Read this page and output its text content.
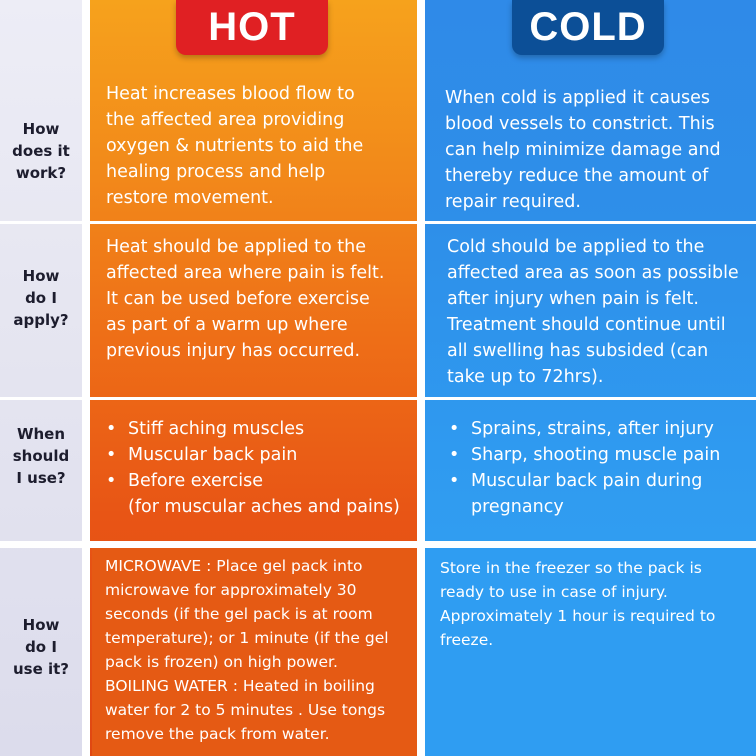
HOT	COLD
How
does it
work?
Heat increases blood flow to
the affected area providing
oxygen & nutrients to aid the
healing process and help
restore movement.
When cold is applied it causes
blood vessels to constrict. This
can help minimize damage and
thereby reduce the amount of
repair required.
How
do I
apply?
Heat should be applied to the
affected area where pain is felt.
It can be used before exercise
as part of a warm up where
previous injury has occurred.
Cold should be applied to the
affected area as soon as possible
after injury when pain is felt.
Treatment should continue until
all swelling has subsided (can
take up to 72hrs).
When
should
I use?
• Stiff aching muscles
• Muscular back pain
• Before exercise
(for muscular aches and pains)
• Sprains, strains, after injury
• Sharp, shooting muscle pain
• Muscular back pain during
pregnancy
How
do I
use it?
MICROWAVE : Place gel pack into
microwave for approximately 30
seconds (if the gel pack is at room
temperature); or 1 minute (if the gel
pack is frozen) on high power.
BOILING WATER : Heated in boiling
water for 2 to 5 minutes . Use tongs
remove the pack from water.
Store in the freezer so the pack is
ready to use in case of injury.
Approximately 1 hour is required to
freeze.
